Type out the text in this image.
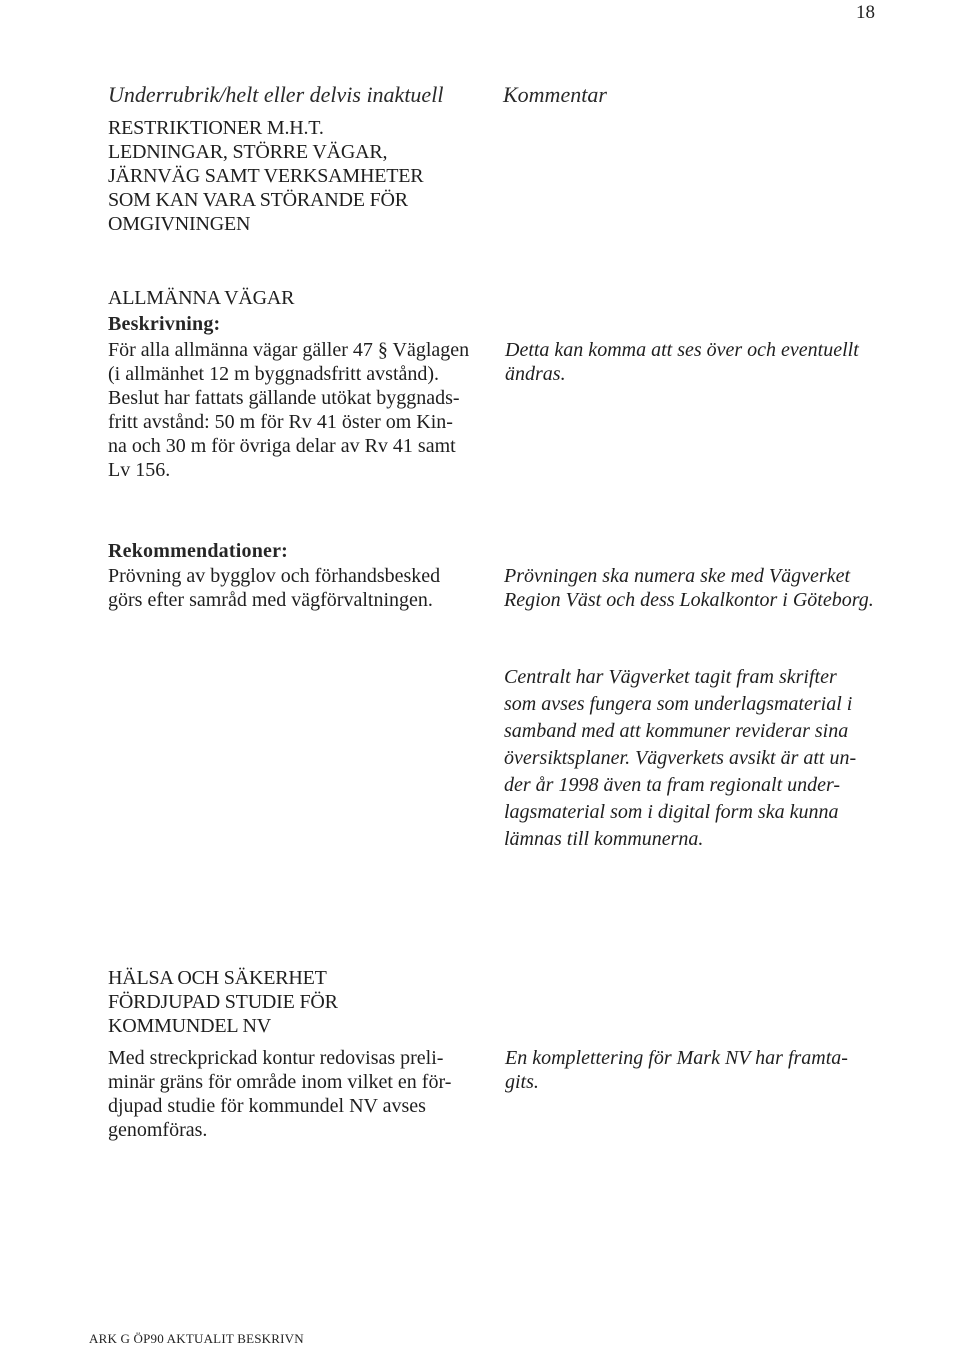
18
Underrubrik/helt eller delvis inaktuell	Kommentar
RESTRIKTIONER M.H.T.
LEDNINGAR, STÖRRE VÄGAR,
JÄRNVÄG SAMT VERKSAMHETER
SOM KAN VARA STÖRANDE FÖR
OMGIVNINGEN
ALLMÄNNA VÄGAR
Beskrivning:
För alla allmänna vägar gäller 47 § Väglagen
(i allmänhet 12 m byggnadsfritt avstånd).
Beslut har fattats gällande utökat byggnads-
fritt avstånd: 50 m för Rv 41 öster om Kin-
na och 30 m för övriga delar av Rv 41 samt
Lv 156.
Detta kan komma att ses över och eventuellt
ändras.
Rekommendationer:
Prövning av bygglov och förhandsbesked
görs efter samråd med vägförvaltningen.
Prövningen ska numera ske med Vägverket
Region Väst och dess Lokalkontor i Göteborg.
Centralt har Vägverket tagit fram skrifter
som avses fungera som underlagsmaterial i
samband med att kommuner reviderar sina
översiktsplaner. Vägverkets avsikt är att un-
der år 1998 även ta fram regionalt under-
lagsmaterial som i digital form ska kunna
lämnas till kommunerna.
HÄLSA OCH SÄKERHET
FÖRDJUPAD STUDIE FÖR
KOMMUNDEL NV
Med streckprickad kontur redovisas preli-
minär gräns för område inom vilket en för-
djupad studie för kommundel NV avses
genomföras.
En komplettering för Mark NV har framta-
gits.
ARK G ÖP90 AKTUALIT BESKRIVN
